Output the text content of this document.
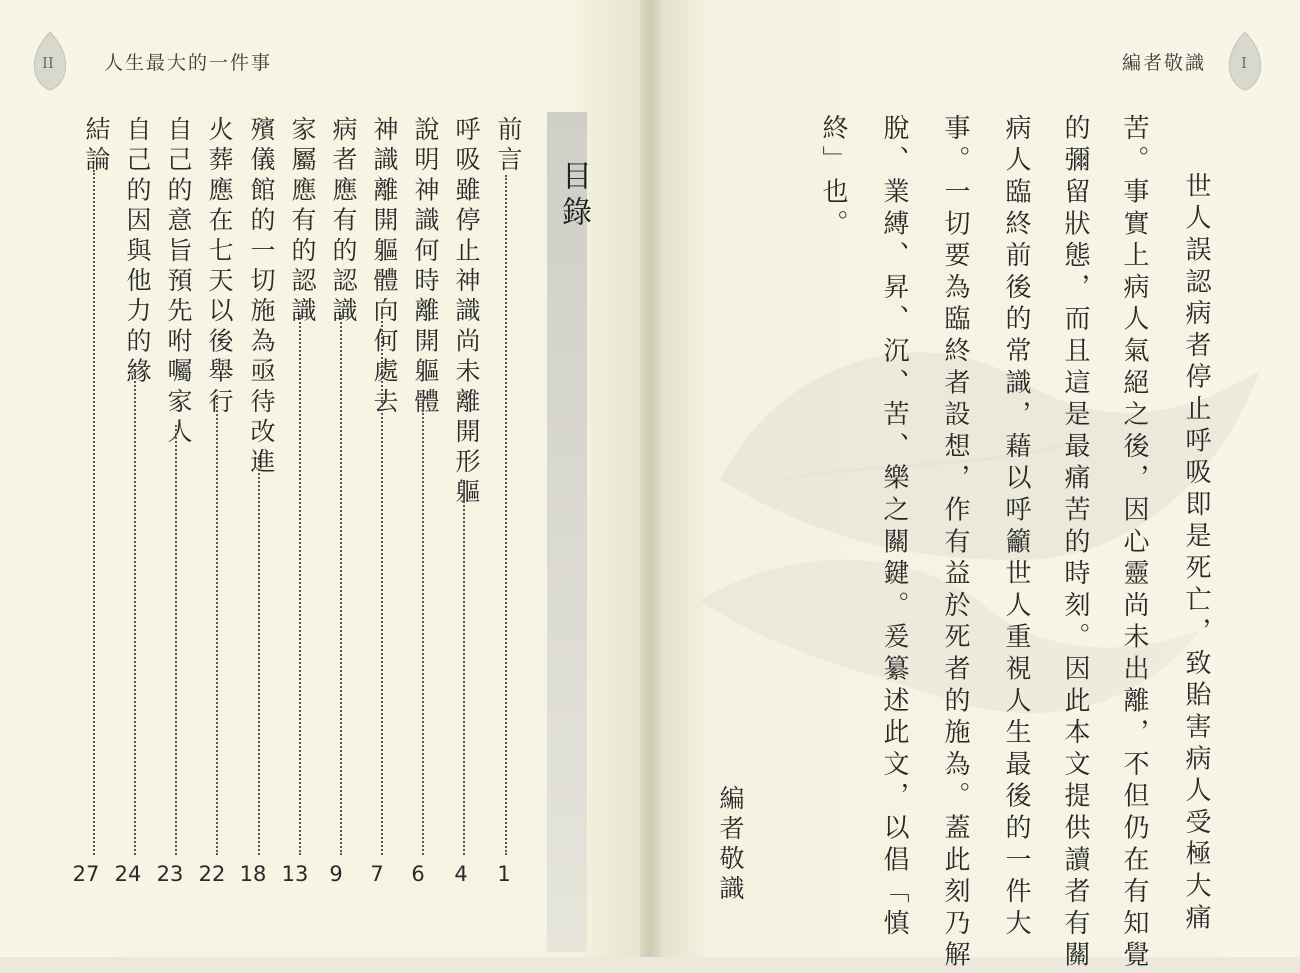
II	人生最大的一件事
目錄
前言
呼吸雖停止神識尚未離開形軀
說明神識何時離開軀體
神識離開軀體向何處去
病者應有的認識
家屬應有的認識
殯儀館的一切施為亟待改進
火葬應在七天以後舉行
自己的意旨預先咐囑家人
自己的因與他力的緣
結論
1
4
6
7
9
13
18
22
23
24
27
I
編者敬識
世人誤認病者停止呼吸即是死亡，致貽害病人受極大痛
苦。事實上病人氣絕之後，因心靈尚未出離，不但仍在有知覺
的彌留狀態，而且這是最痛苦的時刻。因此本文提供讀者有關
病人臨終前後的常識，藉以呼籲世人重視人生最後的一件大
事。一切要為臨終者設想，作有益於死者的施為。蓋此刻乃解
脫、業縛、昇、沉、苦、樂之關鍵。爰纂述此文，以倡「慎
終」也。
編者敬識
